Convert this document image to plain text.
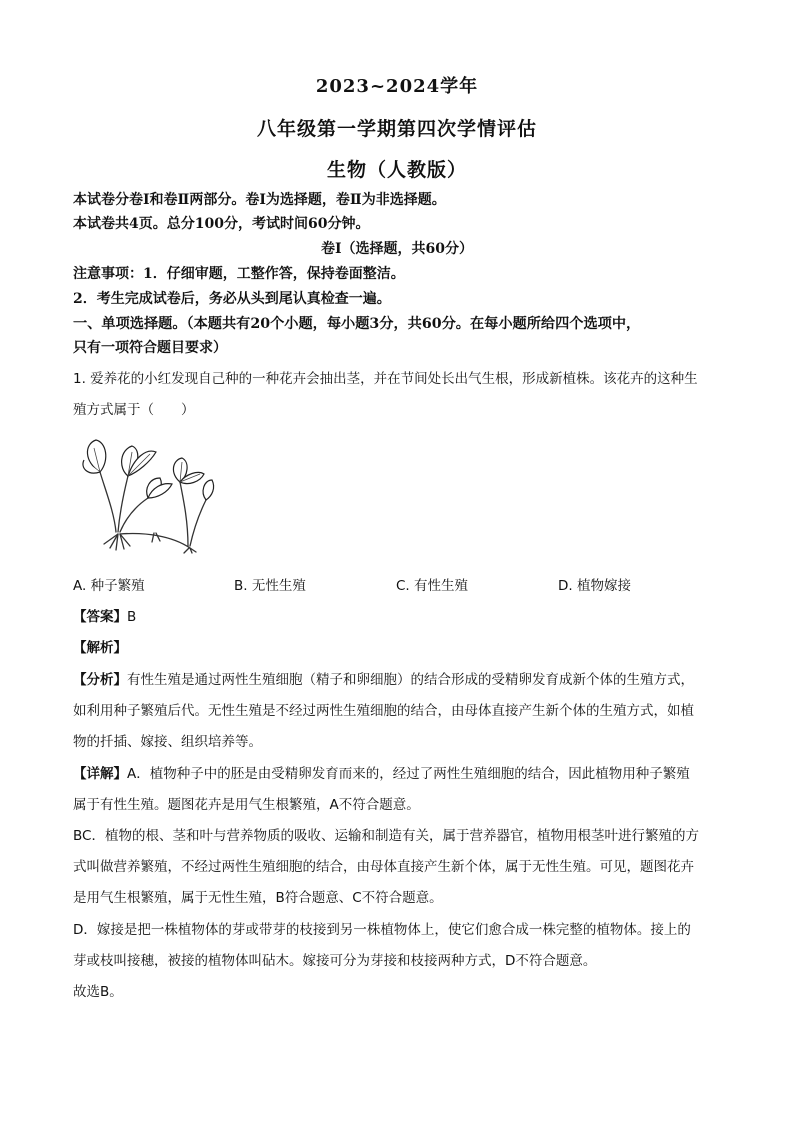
2023~2024学年
八年级第一学期第四次学情评估
生物（人教版）
本试卷分卷Ⅰ和卷Ⅱ两部分。卷Ⅰ为选择题，卷Ⅱ为非选择题。
本试卷共4页。总分100分，考试时间60分钟。
卷Ⅰ（选择题，共60分）
注意事项：1．仔细审题，工整作答，保持卷面整洁。
2．考生完成试卷后，务必从头到尾认真检查一遍。
一、单项选择题。（本题共有20个小题，每小题3分，共60分。在每小题所给四个选项中，
只有一项符合题目要求）
1. 爱养花的小红发现自己种的一种花卉会抽出茎，并在节间处长出气生根，形成新植株。该花卉的这种生
殖方式属于（　　）
A. 种子繁殖	B. 无性生殖	C. 有性生殖	D. 植物嫁接
【答案】B
【解析】
【分析】有性生殖是通过两性生殖细胞（精子和卵细胞）的结合形成的受精卵发育成新个体的生殖方式，
如利用种子繁殖后代。无性生殖是不经过两性生殖细胞的结合，由母体直接产生新个体的生殖方式，如植
物的扦插、嫁接、组织培养等。
【详解】A．植物种子中的胚是由受精卵发育而来的，经过了两性生殖细胞的结合，因此植物用种子繁殖
属于有性生殖。题图花卉是用气生根繁殖，A不符合题意。
BC．植物的根、茎和叶与营养物质的吸收、运输和制造有关，属于营养器官，植物用根茎叶进行繁殖的方
式叫做营养繁殖，不经过两性生殖细胞的结合，由母体直接产生新个体，属于无性生殖。可见，题图花卉
是用气生根繁殖，属于无性生殖，B符合题意、C不符合题意。
D．嫁接是把一株植物体的芽或带芽的枝接到另一株植物体上，使它们愈合成一株完整的植物体。接上的
芽或枝叫接穗，被接的植物体叫砧木。嫁接可分为芽接和枝接两种方式，D不符合题意。
故选B。
